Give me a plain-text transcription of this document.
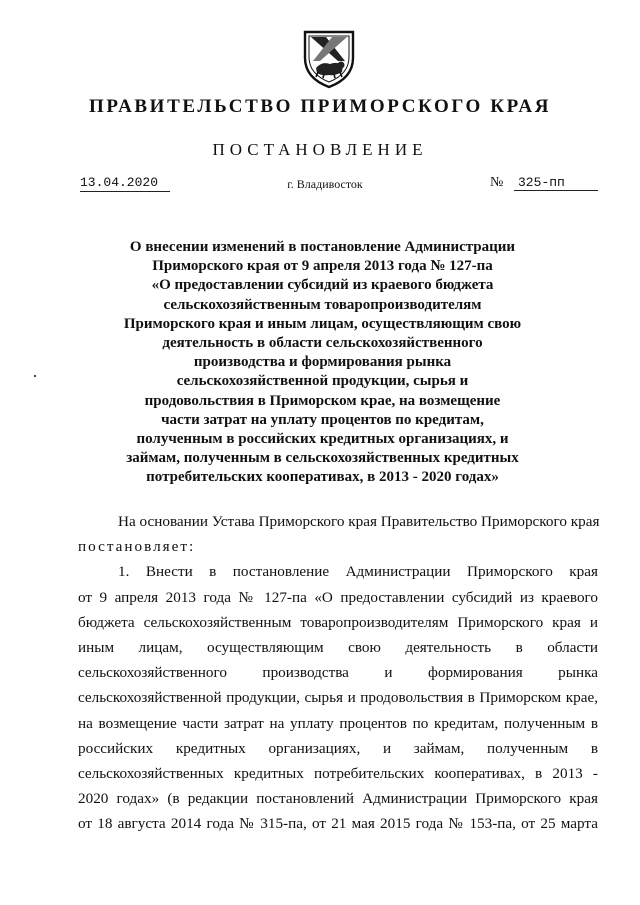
ПРАВИТЕЛЬСТВО ПРИМОРСКОГО КРАЯ
ПОСТАНОВЛЕНИЕ
13.04.2020	г. Владивосток	№	325-пп
О внесении изменений в постановление Администрации
Приморского края от 9 апреля 2013 года № 127-па
«О предоставлении субсидий из краевого бюджета
сельскохозяйственным товаропроизводителям
Приморского края и иным лицам, осуществляющим свою
деятельность в области сельскохозяйственного
производства и формирования рынка
сельскохозяйственной продукции, сырья и
продовольствия в Приморском крае, на возмещение
части затрат на уплату процентов по кредитам,
полученным в российских кредитных организациях, и
займам, полученным в сельскохозяйственных кредитных
потребительских кооперативах, в 2013 - 2020 годах»
На основании Устава Приморского края Правительство Приморского края
постановляет:
1. Внести в постановление Администрации Приморского края
от 9 апреля 2013 года № 127-па «О предоставлении субсидий из краевого
бюджета сельскохозяйственным товаропроизводителям Приморского края и
иным лицам, осуществляющим свою деятельность в области
сельскохозяйственного производства и формирования рынка
сельскохозяйственной продукции, сырья и продовольствия в Приморском крае,
на возмещение части затрат на уплату процентов по кредитам, полученным в
российских кредитных организациях, и займам, полученным в
сельскохозяйственных кредитных потребительских кооперативах, в 2013 -
2020 годах» (в редакции постановлений Администрации Приморского края
от 18 августа 2014 года № 315-па, от 21 мая 2015 года № 153-па, от 25 марта
